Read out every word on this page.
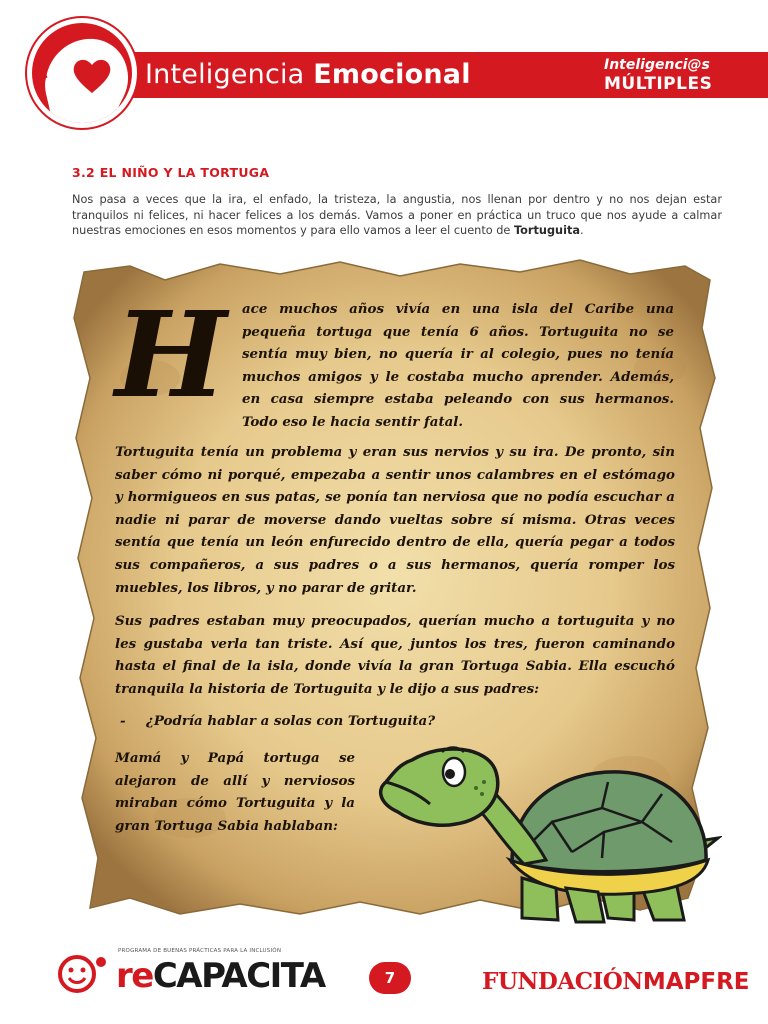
Inteligencia Emocional	Inteligenci@s
MÚLTIPLES
3.2 EL NIÑO Y LA TORTUGA

Nos pasa a veces que la ira, el enfado, la tristeza, la angustia, nos llenan por dentro y no nos dejan estar tranquilos ni felices, ni hacer felices a los demás. Vamos a poner en práctica un truco que nos ayude a calmar nuestras emociones en esos momentos y para ello vamos a leer el cuento de Tortuguita.

H ace muchos años vivía en una isla del Caribe una pequeña tortuga que tenía 6 años. Tortuguita no se sentía muy bien, no quería ir al colegio, pues no tenía muchos amigos y le costaba mucho aprender. Además, en casa siempre estaba peleando con sus hermanos. Todo eso le hacia sentir fatal.

Tortuguita tenía un problema y eran sus nervios y su ira. De pronto, sin saber cómo ni porqué, empezaba a sentir unos calambres en el estómago y hormigueos en sus patas, se ponía tan nerviosa que no podía escuchar a nadie ni parar de moverse dando vueltas sobre sí misma. Otras veces sentía que tenía un león enfurecido dentro de ella, quería pegar a todos sus compañeros, a sus padres o a sus hermanos, quería romper los muebles, los libros, y no parar de gritar.

Sus padres estaban muy preocupados, querían mucho a tortuguita y no les gustaba verla tan triste. Así que, juntos los tres, fueron caminando hasta el final de la isla, donde vivía la gran Tortuga Sabia. Ella escuchó tranquila la historia de Tortuguita y le dijo a sus padres:

- ¿Podría hablar a solas con Tortuguita?

Mamá y Papá tortuga se alejaron de allí y nerviosos miraban cómo Tortuguita y la gran Tortuga Sabia hablaban:

PROGRAMA DE BUENAS PRÁCTICAS PARA LA INCLUSIÓN
reCAPACITA	7	FUNDACIÓNMAPFRE
